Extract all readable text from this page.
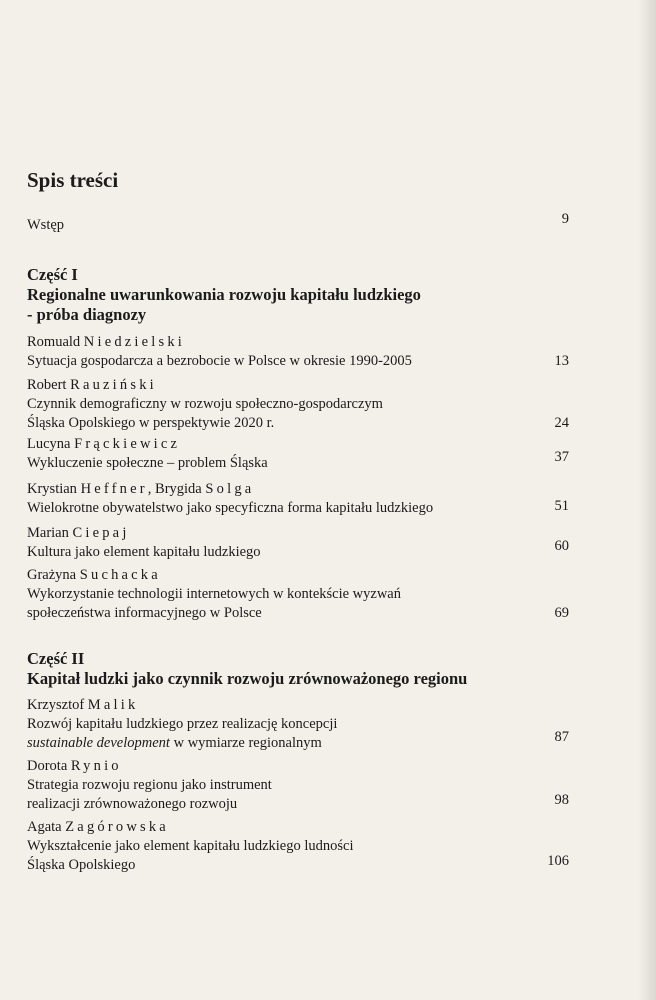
Spis treści
Wstęp	9
Część I
Regionalne uwarunkowania rozwoju kapitału ludzkiego
- próba diagnozy
Romuald Niedzielski
Sytuacja gospodarcza a bezrobocie w Polsce w okresie 1990-2005	13
Robert Rauziński
Czynnik demograficzny w rozwoju społeczno-gospodarczym
Śląska Opolskiego w perspektywie 2020 r.	24
Lucyna Frąckiewicz
Wykluczenie społeczne – problem Śląska	37
Krystian Heffner, Brygida Solga
Wielokrotne obywatelstwo jako specyficzna forma kapitału ludzkiego	51
Marian Ciepaj
Kultura jako element kapitału ludzkiego	60
Grażyna Suchacka
Wykorzystanie technologii internetowych w kontekście wyzwań
społeczeństwa informacyjnego w Polsce	69
Część II
Kapitał ludzki jako czynnik rozwoju zrównoważonego regionu
Krzysztof Malik
Rozwój kapitału ludzkiego przez realizację koncepcji
sustainable development w wymiarze regionalnym	87
Dorota Rynio
Strategia rozwoju regionu jako instrument
realizacji zrównoważonego rozwoju	98
Agata Zagórowska
Wykształcenie jako element kapitału ludzkiego ludności
Śląska Opolskiego	106
